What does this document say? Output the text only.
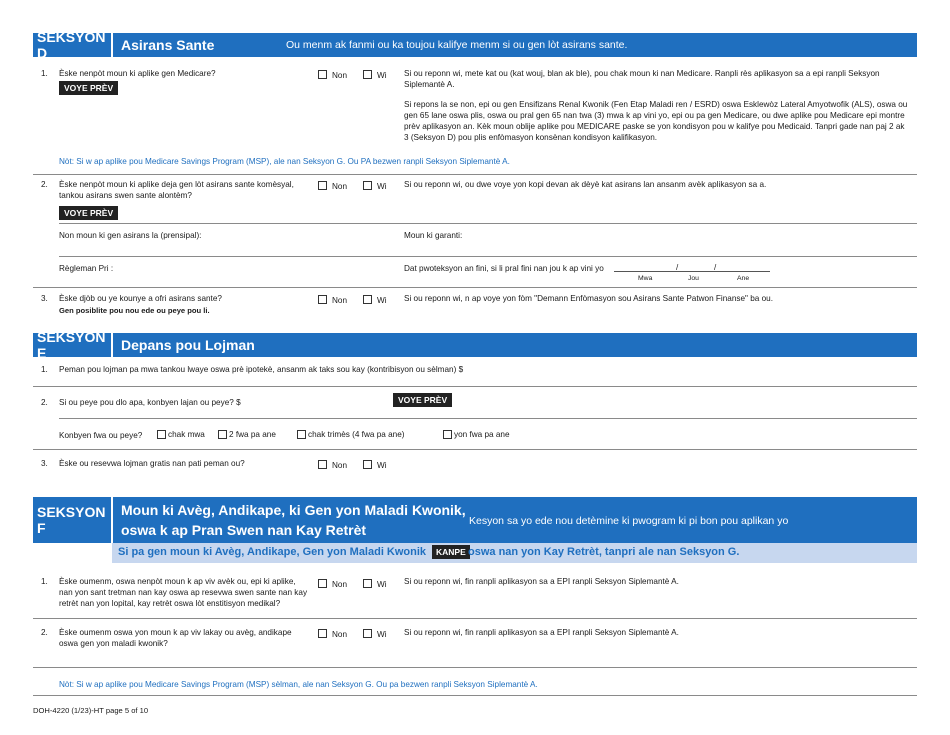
SEKSYON D	Asirans Sante	Ou menm ak fanmi ou ka toujou kalifye menm si ou gen lòt asirans sante.
1. Èske nenpòt moun ki aplike gen Medicare?
VOYE PRÈV
Non	Wi Si ou reponn wi, mete kat ou (kat wouj, blan ak ble), pou chak moun ki nan Medicare. Ranpli rès aplikasyon sa a epi ranpli Seksyon Siplemantè A.
Si repons la se non, epi ou gen Ensifizans Renal Kwonik (Fen Etap Maladi ren / ESRD) oswa Esklewòz Lateral Amyotwofik (ALS), oswa ou gen 65 lane oswa plis, oswa ou pral gen 65 nan twa (3) mwa k ap vini yo, epi ou pa gen Medicare, ou dwe aplike pou Medicare epi montre prèv aplikasyon an. Kèk moun oblije aplike pou MEDICARE paske se yon kondisyon pou w kalifye pou Medicaid. Tanpri gade nan paj 2 ak 3 (Seksyon D) pou plis enfòmasyon konsènan kondisyon kalifikasyon.
Nòt: Si w ap aplike pou Medicare Savings Program (MSP), ale nan Seksyon G. Ou PA bezwen ranpli Seksyon Siplemantè A.
2. Èske nenpòt moun ki aplike deja gen lòt asirans sante komèsyal, tankou asirans swen sante alontèm?
VOYE PRÈV
Non	Wi Si ou reponn wi, ou dwe voye yon kopi devan ak dèyè kat asirans lan ansanm avèk aplikasyon sa a.
Non moun ki gen asirans la (prensipal):	Moun ki garanti:
Règleman Pri :	Dat pwoteksyon an fini, si li pral fini nan jou k ap vini yo	/	/
Mwa	Jou	Ane
3. Èske djòb ou ye kounye a ofri asirans sante?
Gen posiblite pou nou ede ou peye pou li.
Non	Wi Si ou reponn wi, n ap voye yon fòm "Demann Enfòmasyon sou Asirans Sante Patwon Finanse" ba ou.
SEKSYON E	Depans pou Lojman
1. Peman pou lojman pa mwa tankou lwaye oswa prè ipotekè, ansanm ak taks sou kay (kontribisyon ou sèlman) $
2. Si ou peye pou dlo apa, konbyen lajan ou peye? $	VOYE PRÈV
Konbyen fwa ou peye?	chak mwa	2 fwa pa ane	chak trimès (4 fwa pa ane)	yon fwa pa ane
3. Èske ou resevwa lojman gratis nan pati peman ou?	Non	Wi
SEKSYON F
Moun ki Avèg, Andikape, ki Gen yon Maladi Kwonik,
oswa k ap Pran Swen nan Kay Retrèt
Kesyon sa yo ede nou detèmine ki pwogram ki pi bon pou aplikan yo
Si pa gen moun ki Avèg, Andikape, Gen yon Maladi Kwonik	KANPE oswa nan yon Kay Retrèt, tanpri ale nan Seksyon G.
1. Èske oumenm, oswa nenpòt moun k ap viv avèk ou, epi ki aplike, nan yon sant tretman nan kay oswa ap resevwa swen sante nan kay retrèt nan yon lopital, kay retrèt oswa lòt enstitisyon medikal?
Non	Wi Si ou reponn wi, fin ranpli aplikasyon sa a EPI ranpli Seksyon Siplemantè A.
2. Èske oumenm oswa yon moun k ap viv lakay ou avèg, andikape oswa gen yon maladi kwonik?
Non	Wi Si ou reponn wi, fin ranpli aplikasyon sa a EPI ranpli Seksyon Siplemantè A.
Nòt: Si w ap aplike pou Medicare Savings Program (MSP) sèlman, ale nan Seksyon G. Ou pa bezwen ranpli Seksyon Siplemantè A.
DOH-4220 (1/23)-HT page 5 of 10
